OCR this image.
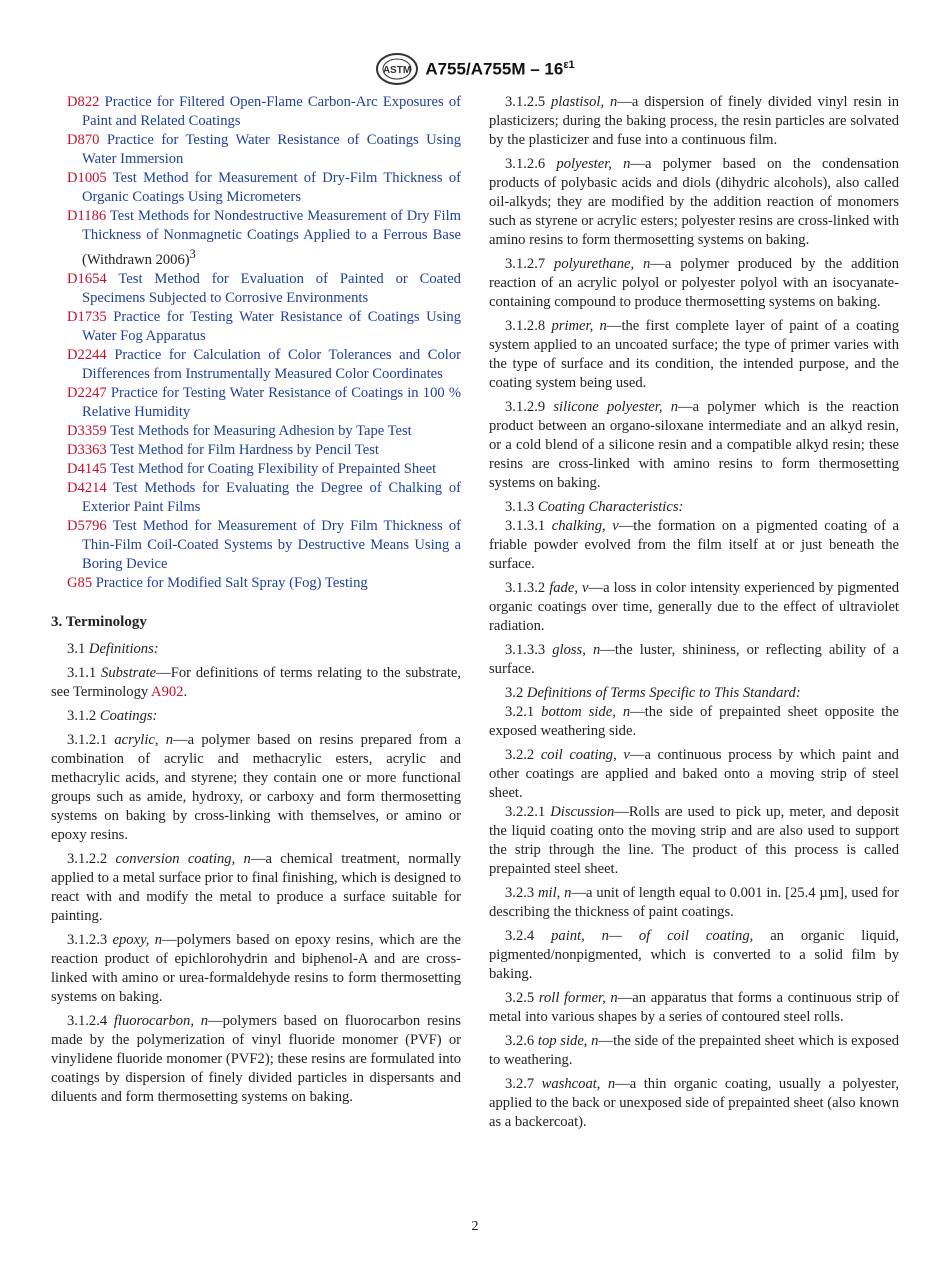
ASTM $A755/A755M - 16^{\varepsilon 1}$

D822 Practice for Filtered Open-Flame Carbon-Arc Exposures of Paint and Related Coatings

D870 Practice for Testing Water Resistance of Coatings Using Water Immersion

D1005 Test Method for Measurement of Dry-Film Thickness of Organic Coatings Using Micrometers

D1186 Test Methods for Nondestructive Measurement of Dry Film Thickness of Nonmagnetic Coatings Applied to a Ferrous Base (Withdrawn 2006)$^3$

D1654 Test Method for Evaluation of Painted or Coated Specimens Subjected to Corrosive Environments

D1735 Practice for Testing Water Resistance of Coatings Using Water Fog Apparatus

D2244 Practice for Calculation of Color Tolerances and Color Differences from Instrumentally Measured Color Coordinates

D2247 Practice for Testing Water Resistance of Coatings in 100 % Relative Humidity

D3359 Test Methods for Measuring Adhesion by Tape Test

D3363 Test Method for Film Hardness by Pencil Test

D4145 Test Method for Coating Flexibility of Prepainted Sheet

D4214 Test Methods for Evaluating the Degree of Chalking of Exterior Paint Films

D5796 Test Method for Measurement of Dry Film Thickness of Thin-Film Coil-Coated Systems by Destructive Means Using a Boring Device

G85 Practice for Modified Salt Spray (Fog) Testing

3. Terminology

3.1 Definitions:

3.1.1 Substrate—For definitions of terms relating to the substrate, see Terminology A902.

3.1.2 Coatings:

3.1.2.1 acrylic, n—a polymer based on resins prepared from a combination of acrylic and methacrylic esters, acrylic and methacrylic acids, and styrene; they contain one or more functional groups such as amide, hydroxy, or carboxy and form thermosetting systems on baking by cross-linking with themselves, or amino or epoxy resins.

3.1.2.2 conversion coating, n—a chemical treatment, normally applied to a metal surface prior to final finishing, which is designed to react with and modify the metal to produce a surface suitable for painting.

3.1.2.3 epoxy, n—polymers based on epoxy resins, which are the reaction product of epichlorohydrin and biphenol-A and are cross-linked with amino or urea-formaldehyde resins to form thermosetting systems on baking.

3.1.2.4 fluorocarbon, n—polymers based on fluorocarbon resins made by the polymerization of vinyl fluoride monomer (PVF) or vinylidene fluoride monomer (PVF2); these resins are formulated into coatings by dispersion of finely divided particles in dispersants and diluents and form thermosetting systems on baking.

3.1.2.5 plastisol, n—a dispersion of finely divided vinyl resin in plasticizers; during the baking process, the resin particles are solvated by the plasticizer and fuse into a continuous film.

3.1.2.6 polyester, n—a polymer based on the condensation products of polybasic acids and diols (dihydric alcohols), also called oil-alkyds; they are modified by the addition reaction of monomers such as styrene or acrylic esters; polyester resins are cross-linked with amino resins to form thermosetting systems on baking.

3.1.2.7 polyurethane, n—a polymer produced by the addition reaction of an acrylic polyol or polyester polyol with an isocyanate-containing compound to produce thermosetting systems on baking.

3.1.2.8 primer, n—the first complete layer of paint of a coating system applied to an uncoated surface; the type of primer varies with the type of surface and its condition, the intended purpose, and the coating system being used.

3.1.2.9 silicone polyester, n—a polymer which is the reaction product between an organo-siloxane intermediate and an alkyd resin, or a cold blend of a silicone resin and a compatible alkyd resin; these resins are cross-linked with amino resins to form thermosetting systems on baking.

3.1.3 Coating Characteristics:

3.1.3.1 chalking, v—the formation on a pigmented coating of a friable powder evolved from the film itself at or just beneath the surface.

3.1.3.2 fade, v—a loss in color intensity experienced by pigmented organic coatings over time, generally due to the effect of ultraviolet radiation.

3.1.3.3 gloss, n—the luster, shininess, or reflecting ability of a surface.

3.2 Definitions of Terms Specific to This Standard:

3.2.1 bottom side, n—the side of prepainted sheet opposite the exposed weathering side.

3.2.2 coil coating, v—a continuous process by which paint and other coatings are applied and baked onto a moving strip of steel sheet.

3.2.2.1 Discussion—Rolls are used to pick up, meter, and deposit the liquid coating onto the moving strip and are also used to support the strip through the line. The product of this process is called prepainted steel sheet.

3.2.3 mil, n—a unit of length equal to 0.001 in. [25.4 µm], used for describing the thickness of paint coatings.

3.2.4 paint, n— of coil coating, an organic liquid, pigmented/nonpigmented, which is converted to a solid film by baking.

3.2.5 roll former, n—an apparatus that forms a continuous strip of metal into various shapes by a series of contoured steel rolls.

3.2.6 top side, n—the side of the prepainted sheet which is exposed to weathering.

3.2.7 washcoat, n—a thin organic coating, usually a polyester, applied to the back or unexposed side of prepainted sheet (also known as a backercoat).

2
